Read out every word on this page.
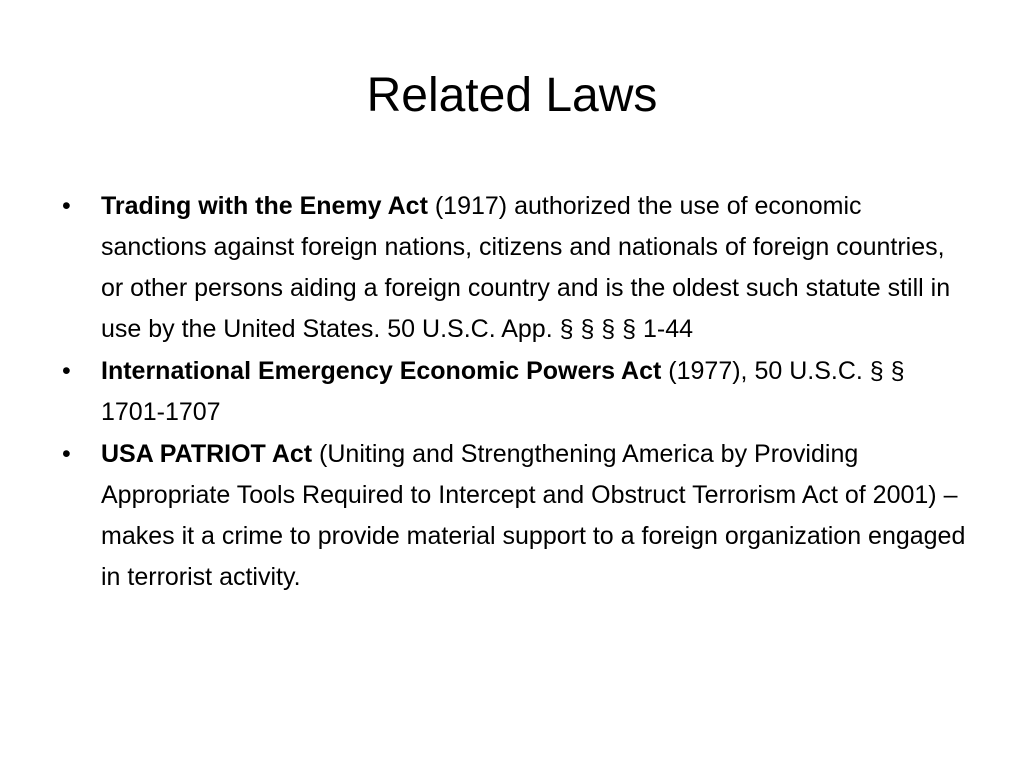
Related Laws
• Trading with the Enemy Act (1917) authorized the use of economic sanctions against foreign nations, citizens and nationals of foreign countries, or other persons aiding a foreign country and is the oldest such statute still in use by the United States. 50 U.S.C. App. § § § § 1-44
• International Emergency Economic Powers Act (1977), 50 U.S.C. § § 1701-1707
• USA PATRIOT Act (Uniting and Strengthening America by Providing Appropriate Tools Required to Intercept and Obstruct Terrorism Act of 2001) – makes it a crime to provide material support to a foreign organization engaged in terrorist activity.
